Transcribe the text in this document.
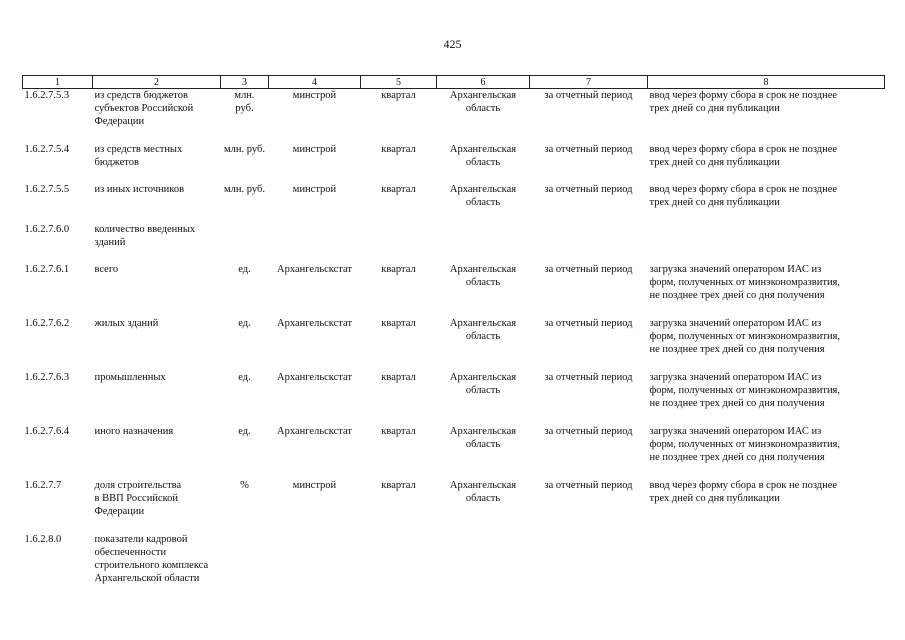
425
1	2	3	4	5	6	7	8

1.6.2.7.5.3	из средств бюджетов
субъектов Российской
Федерации	млн.
руб.	минстрой	квартал	Архангельская
область	за отчетный период	ввод через форму сбора в срок не позднее
трех дней со дня публикации

1.6.2.7.5.4	из средств местных
бюджетов	млн. руб.	минстрой	квартал	Архангельская
область	за отчетный период	ввод через форму сбора в срок не позднее
трех дней со дня публикации

1.6.2.7.5.5	из иных источников	млн. руб.	минстрой	квартал	Архангельская
область	за отчетный период	ввод через форму сбора в срок не позднее
трех дней со дня публикации

1.6.2.7.6.0	количество введенных
зданий						

1.6.2.7.6.1	всего	ед.	Архангельскстат	квартал	Архангельская
область	за отчетный период	загрузка значений оператором ИАС из
форм, полученных от минэкономразвития,
не позднее трех дней со дня получения

1.6.2.7.6.2	жилых зданий	ед.	Архангельскстат	квартал	Архангельская
область	за отчетный период	загрузка значений оператором ИАС из
форм, полученных от минэкономразвития,
не позднее трех дней со дня получения

1.6.2.7.6.3	промышленных	ед.	Архангельскстат	квартал	Архангельская
область	за отчетный период	загрузка значений оператором ИАС из
форм, полученных от минэкономразвития,
не позднее трех дней со дня получения

1.6.2.7.6.4	иного назначения	ед.	Архангельскстат	квартал	Архангельская
область	за отчетный период	загрузка значений оператором ИАС из
форм, полученных от минэкономразвития,
не позднее трех дней со дня получения

1.6.2.7.7	доля строительства
в ВВП Российской
Федерации	%	минстрой	квартал	Архангельская
область	за отчетный период	ввод через форму сбора в срок не позднее
трех дней со дня публикации

1.6.2.8.0	показатели кадровой
обеспеченности
строительного комплекса
Архангельской области						
